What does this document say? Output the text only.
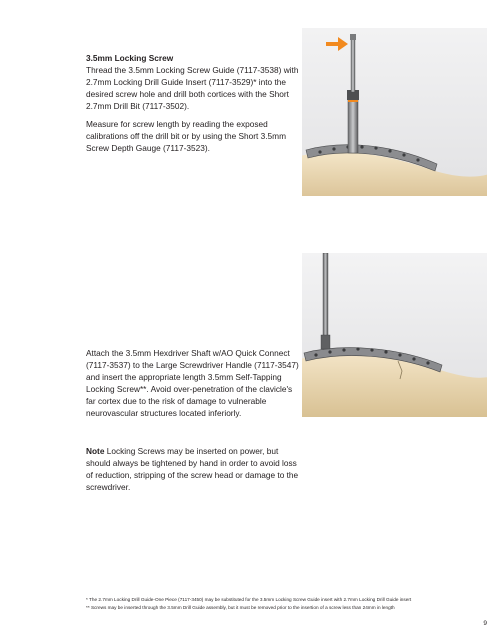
3.5mm Locking Screw

Thread the 3.5mm Locking Screw Guide (7117-3538) with 2.7mm Locking Drill Guide Insert (7117-3529)* into the desired screw hole and drill both cortices with the Short 2.7mm Drill Bit (7117-3502).

Measure for screw length by reading the exposed calibrations off the drill bit or by using the Short 3.5mm Screw Depth Gauge (7117-3523).

Attach the 3.5mm Hexdriver Shaft w/AO Quick Connect (7117-3537) to the Large Screwdriver Handle (7117-3547) and insert the appropriate length 3.5mm Self-Tapping Locking Screw**. Avoid over-penetration of the clavicle's far cortex due to the risk of damage to vulnerable neurovascular structures located inferiorly.

Note Locking Screws may be inserted on power, but should always be tightened by hand in order to avoid loss of reduction, stripping of the screw head or damage to the screwdriver.

* The 2.7mm Locking Drill Guide-One Piece (7117-3450) may be substituted for the 3.5mm Locking Screw Guide insert with 2.7mm Locking Drill Guide insert
** Screws may be inserted through the 3.5mm Drill Guide assembly, but it must be removed prior to the insertion of a screw less than 24mm in length
9
